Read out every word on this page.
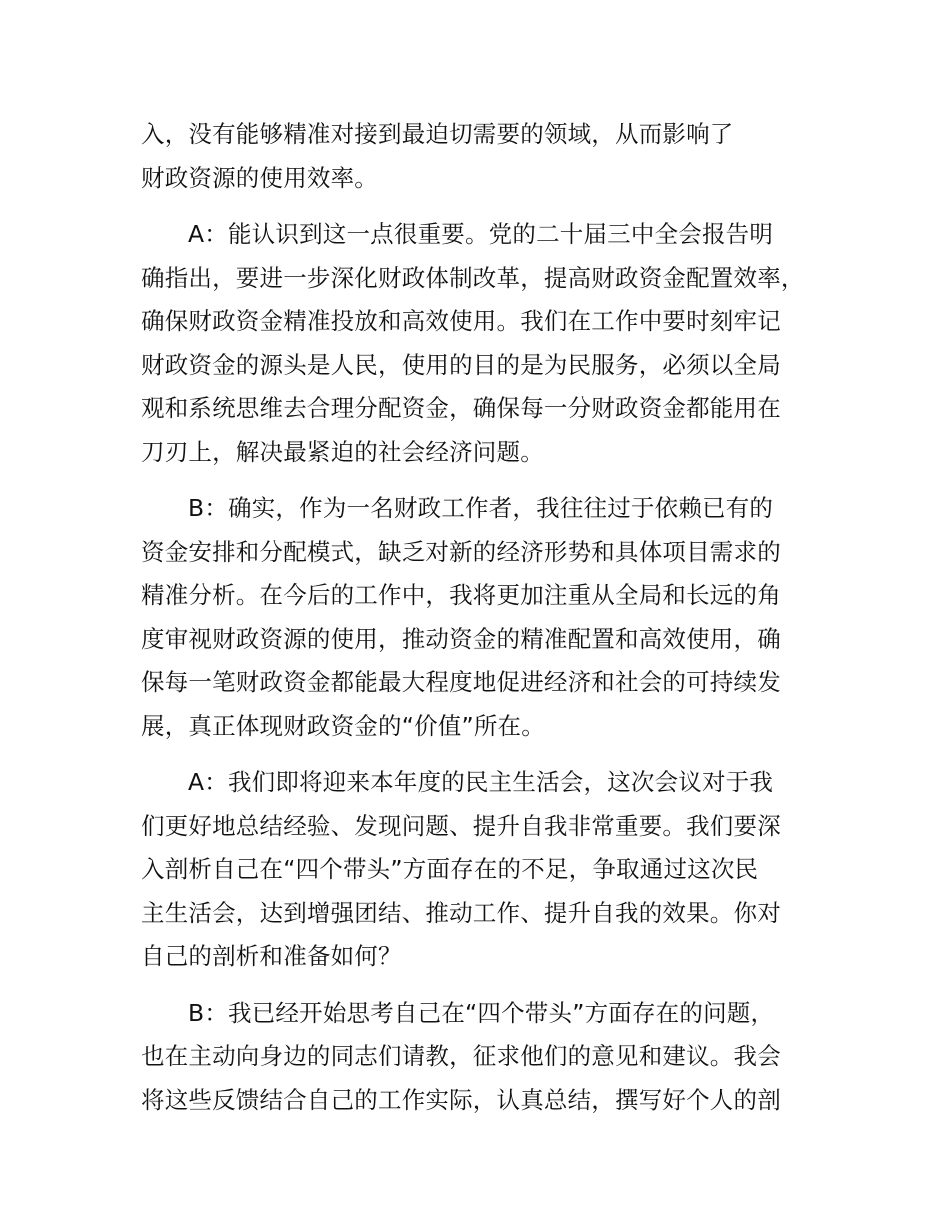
入，没有能够精准对接到最迫切需要的领域，从而影响了
财政资源的使用效率。

A：能认识到这一点很重要。党的二十届三中全会报告明
确指出，要进一步深化财政体制改革，提高财政资金配置效率，
确保财政资金精准投放和高效使用。我们在工作中要时刻牢记
财政资金的源头是人民，使用的目的是为民服务，必须以全局
观和系统思维去合理分配资金，确保每一分财政资金都能用在
刀刃上，解决最紧迫的社会经济问题。

B：确实，作为一名财政工作者，我往往过于依赖已有的
资金安排和分配模式，缺乏对新的经济形势和具体项目需求的
精准分析。在今后的工作中，我将更加注重从全局和长远的角
度审视财政资源的使用，推动资金的精准配置和高效使用，确
保每一笔财政资金都能最大程度地促进经济和社会的可持续发
展，真正体现财政资金的“价值”所在。

A：我们即将迎来本年度的民主生活会，这次会议对于我
们更好地总结经验、发现问题、提升自我非常重要。我们要深
入剖析自己在“四个带头”方面存在的不足，争取通过这次民
主生活会，达到增强团结、推动工作、提升自我的效果。你对
自己的剖析和准备如何？

B：我已经开始思考自己在“四个带头”方面存在的问题，
也在主动向身边的同志们请教，征求他们的意见和建议。我会
将这些反馈结合自己的工作实际，认真总结，撰写好个人的剖
